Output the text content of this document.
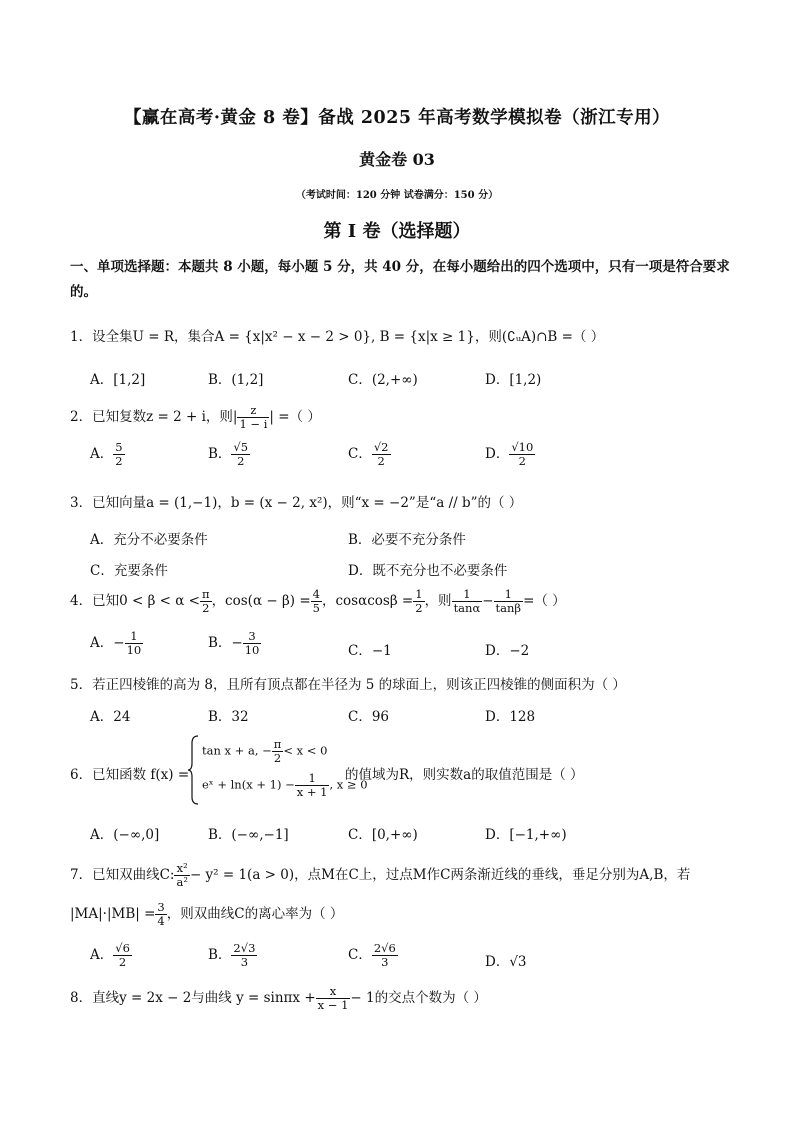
【赢在高考·黄金 8 卷】备战 2025 年高考数学模拟卷（浙江专用）
黄金卷 03
（考试时间：120 分钟 试卷满分：150 分）
第 I 卷（选择题）
一、单项选择题：本题共 8 小题，每小题 5 分，共 40 分，在每小题给出的四个选项中，只有一项是符合要求的。
1．设全集U = R，集合A = {x|x² − x − 2 > 0}, B = {x|x ≥ 1}，则(∁ᵤA)∩B =（ ）
A．[1,2]	B．(1,2]	C．(2,+∞)	D．[1,2)
2．已知复数z = 2 + i，则| $\frac{z}{1 - i}$ | =（ ）
A． $\frac{5}{2}$	B． $\frac{√5}{2}$	C． $\frac{√2}{2}$	D． $\frac{√10}{2}$
3．已知向量a = (1,−1)，b = (x − 2, x²)，则“x = −2”是“a // b”的（ ）
A．充分不必要条件	B．必要不充分条件
C．充要条件	D．既不充分也不必要条件
4．已知$0 < \beta < \alpha < \frac{\pi}{2}$ ，$\cos(\alpha - \beta) = \frac{4}{5}$ ，$\cos\alpha\cos\beta = \frac{1}{2}$ ，则 $\frac{1}{\tan\alpha} - \frac{1}{\tan\beta}$ =（ ）
A．− $\frac{1}{10}$	B．− $\frac{3}{10}$	C．−1	D．−2
5．若正四棱锥的高为 8，且所有顶点都在半径为 5 的球面上，则该正四棱锥的侧面积为（ ）
A．24	B．32	C．96	D．128
6．已知函数 f(x) =
tan x + a, − $\frac{\pi}{2} < x < 0$
eˣ + $\ln(x + 1) - \frac{1}{x + 1}$ , x ≥ 0
的值域为R，则实数a的取值范围是（ ）
A．(−∞,0]	B．(−∞,−1]	C．[0,+∞)	D．[−1,+∞)
7．已知双曲线C: $\frac{\text{x²}}{\text{a²}} - y^2 = 1(a > 0)$，点M在C上，过点M作C两条渐近线的垂线，垂足分别为A,B，若
$|MA|\cdot|MB| = \frac{3}{4}$ ，则双曲线C的离心率为（ ）
A． $\frac{√6}{2}$	B． $\frac{2√3}{3}$	C． $\frac{2√6}{3}$	D．√3
8．直线y = 2x − 2与曲线 $y = \sin\pi x + \frac{x}{x - 1} - 1$的交点个数为（ ）
